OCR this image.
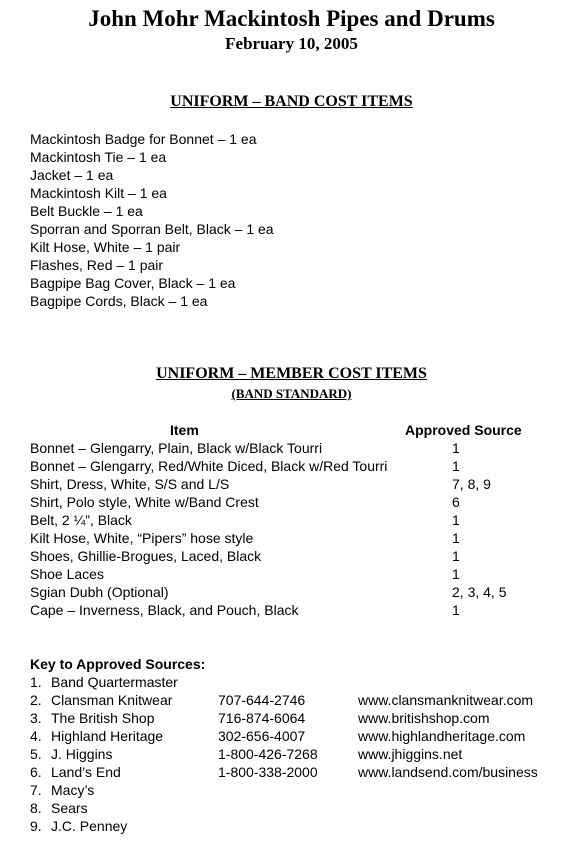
John Mohr Mackintosh Pipes and Drums
February 10, 2005
UNIFORM – BAND COST ITEMS
Mackintosh Badge for Bonnet – 1 ea
Mackintosh Tie – 1 ea
Jacket – 1 ea
Mackintosh Kilt – 1 ea
Belt Buckle – 1 ea
Sporran and Sporran Belt, Black – 1 ea
Kilt Hose, White – 1 pair
Flashes, Red – 1 pair
Bagpipe Bag Cover, Black – 1 ea
Bagpipe Cords, Black – 1 ea
UNIFORM – MEMBER COST ITEMS
(BAND STANDARD)
Item	Approved Source
Bonnet – Glengarry, Plain, Black w/Black Tourri	1
Bonnet – Glengarry, Red/White Diced, Black w/Red Tourri	1
Shirt, Dress, White, S/S and L/S	7, 8, 9
Shirt, Polo style, White w/Band Crest	6
Belt, 2 ¼”, Black	1
Kilt Hose, White, “Pipers” hose style	1
Shoes, Ghillie-Brogues, Laced, Black	1
Shoe Laces	1
Sgian Dubh (Optional)	2, 3, 4, 5
Cape – Inverness, Black, and Pouch, Black	1
Key to Approved Sources:
1. Band Quartermaster
2. Clansman Knitwear	707-644-2746	www.clansmanknitwear.com
3. The British Shop	716-874-6064	www.britishshop.com
4. Highland Heritage	302-656-4007	www.highlandheritage.com
5. J. Higgins	1-800-426-7268	www.jhiggins.net
6. Land’s End	1-800-338-2000	www.landsend.com/business
7. Macy’s
8. Sears
9. J.C. Penney
